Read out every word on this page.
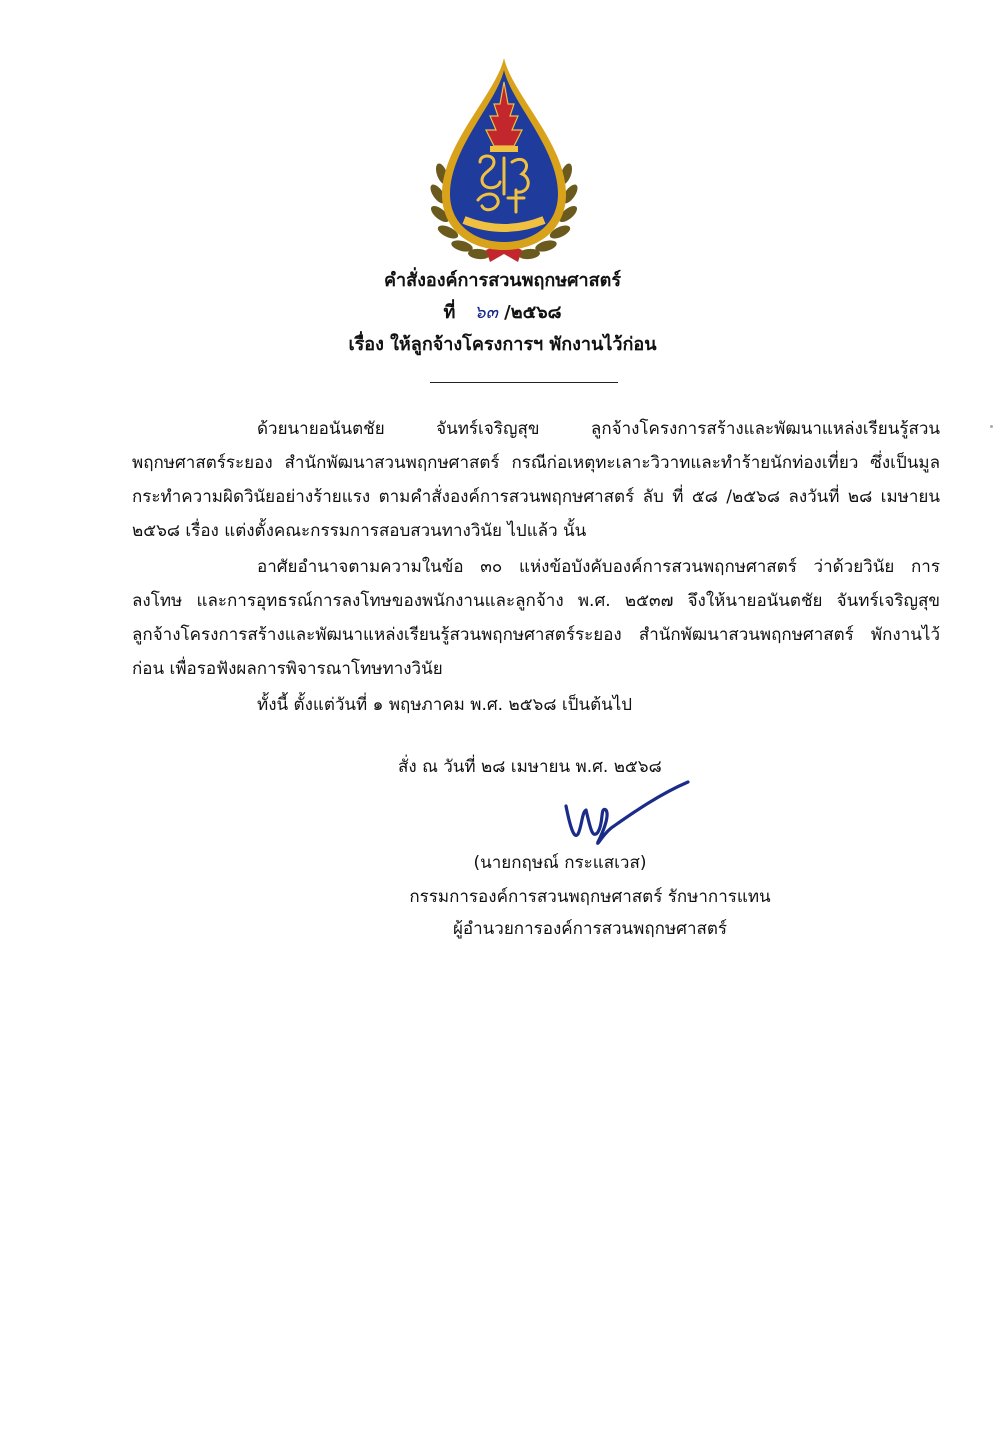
คำสั่งองค์การสวนพฤกษศาสตร์
ที่ ๖๓ /๒๕๖๘
เรื่อง ให้ลูกจ้างโครงการฯ พักงานไว้ก่อน
ด้วยนายอนันตชัย จันทร์เจริญสุข ลูกจ้างโครงการสร้างและพัฒนาแหล่งเรียนรู้สวนพฤกษศาสตร์ระยอง สำนักพัฒนาสวนพฤกษศาสตร์ กรณีก่อเหตุทะเลาะวิวาทและทำร้ายนักท่องเที่ยว ซึ่งเป็นมูลกระทำความผิดวินัยอย่างร้ายแรง ตามคำสั่งองค์การสวนพฤกษศาสตร์ ลับ ที่ ๕๘ /๒๕๖๘ ลงวันที่ ๒๘ เมษายน ๒๕๖๘ เรื่อง แต่งตั้งคณะกรรมการสอบสวนทางวินัย ไปแล้ว นั้น
อาศัยอำนาจตามความในข้อ ๓๐ แห่งข้อบังคับองค์การสวนพฤกษศาสตร์ ว่าด้วยวินัย การลงโทษ และการอุทธรณ์การลงโทษของพนักงานและลูกจ้าง พ.ศ. ๒๕๓๗ จึงให้นายอนันตชัย จันทร์เจริญสุข ลูกจ้างโครงการสร้างและพัฒนาแหล่งเรียนรู้สวนพฤกษศาสตร์ระยอง สำนักพัฒนาสวนพฤกษศาสตร์ พักงานไว้ก่อน เพื่อรอฟังผลการพิจารณาโทษทางวินัย
ทั้งนี้ ตั้งแต่วันที่ ๑ พฤษภาคม พ.ศ. ๒๕๖๘ เป็นต้นไป
สั่ง ณ วันที่ ๒๘ เมษายน พ.ศ. ๒๕๖๘
(นายกฤษณ์ กระแสเวส)
กรรมการองค์การสวนพฤกษศาสตร์ รักษาการแทน
ผู้อำนวยการองค์การสวนพฤกษศาสตร์
